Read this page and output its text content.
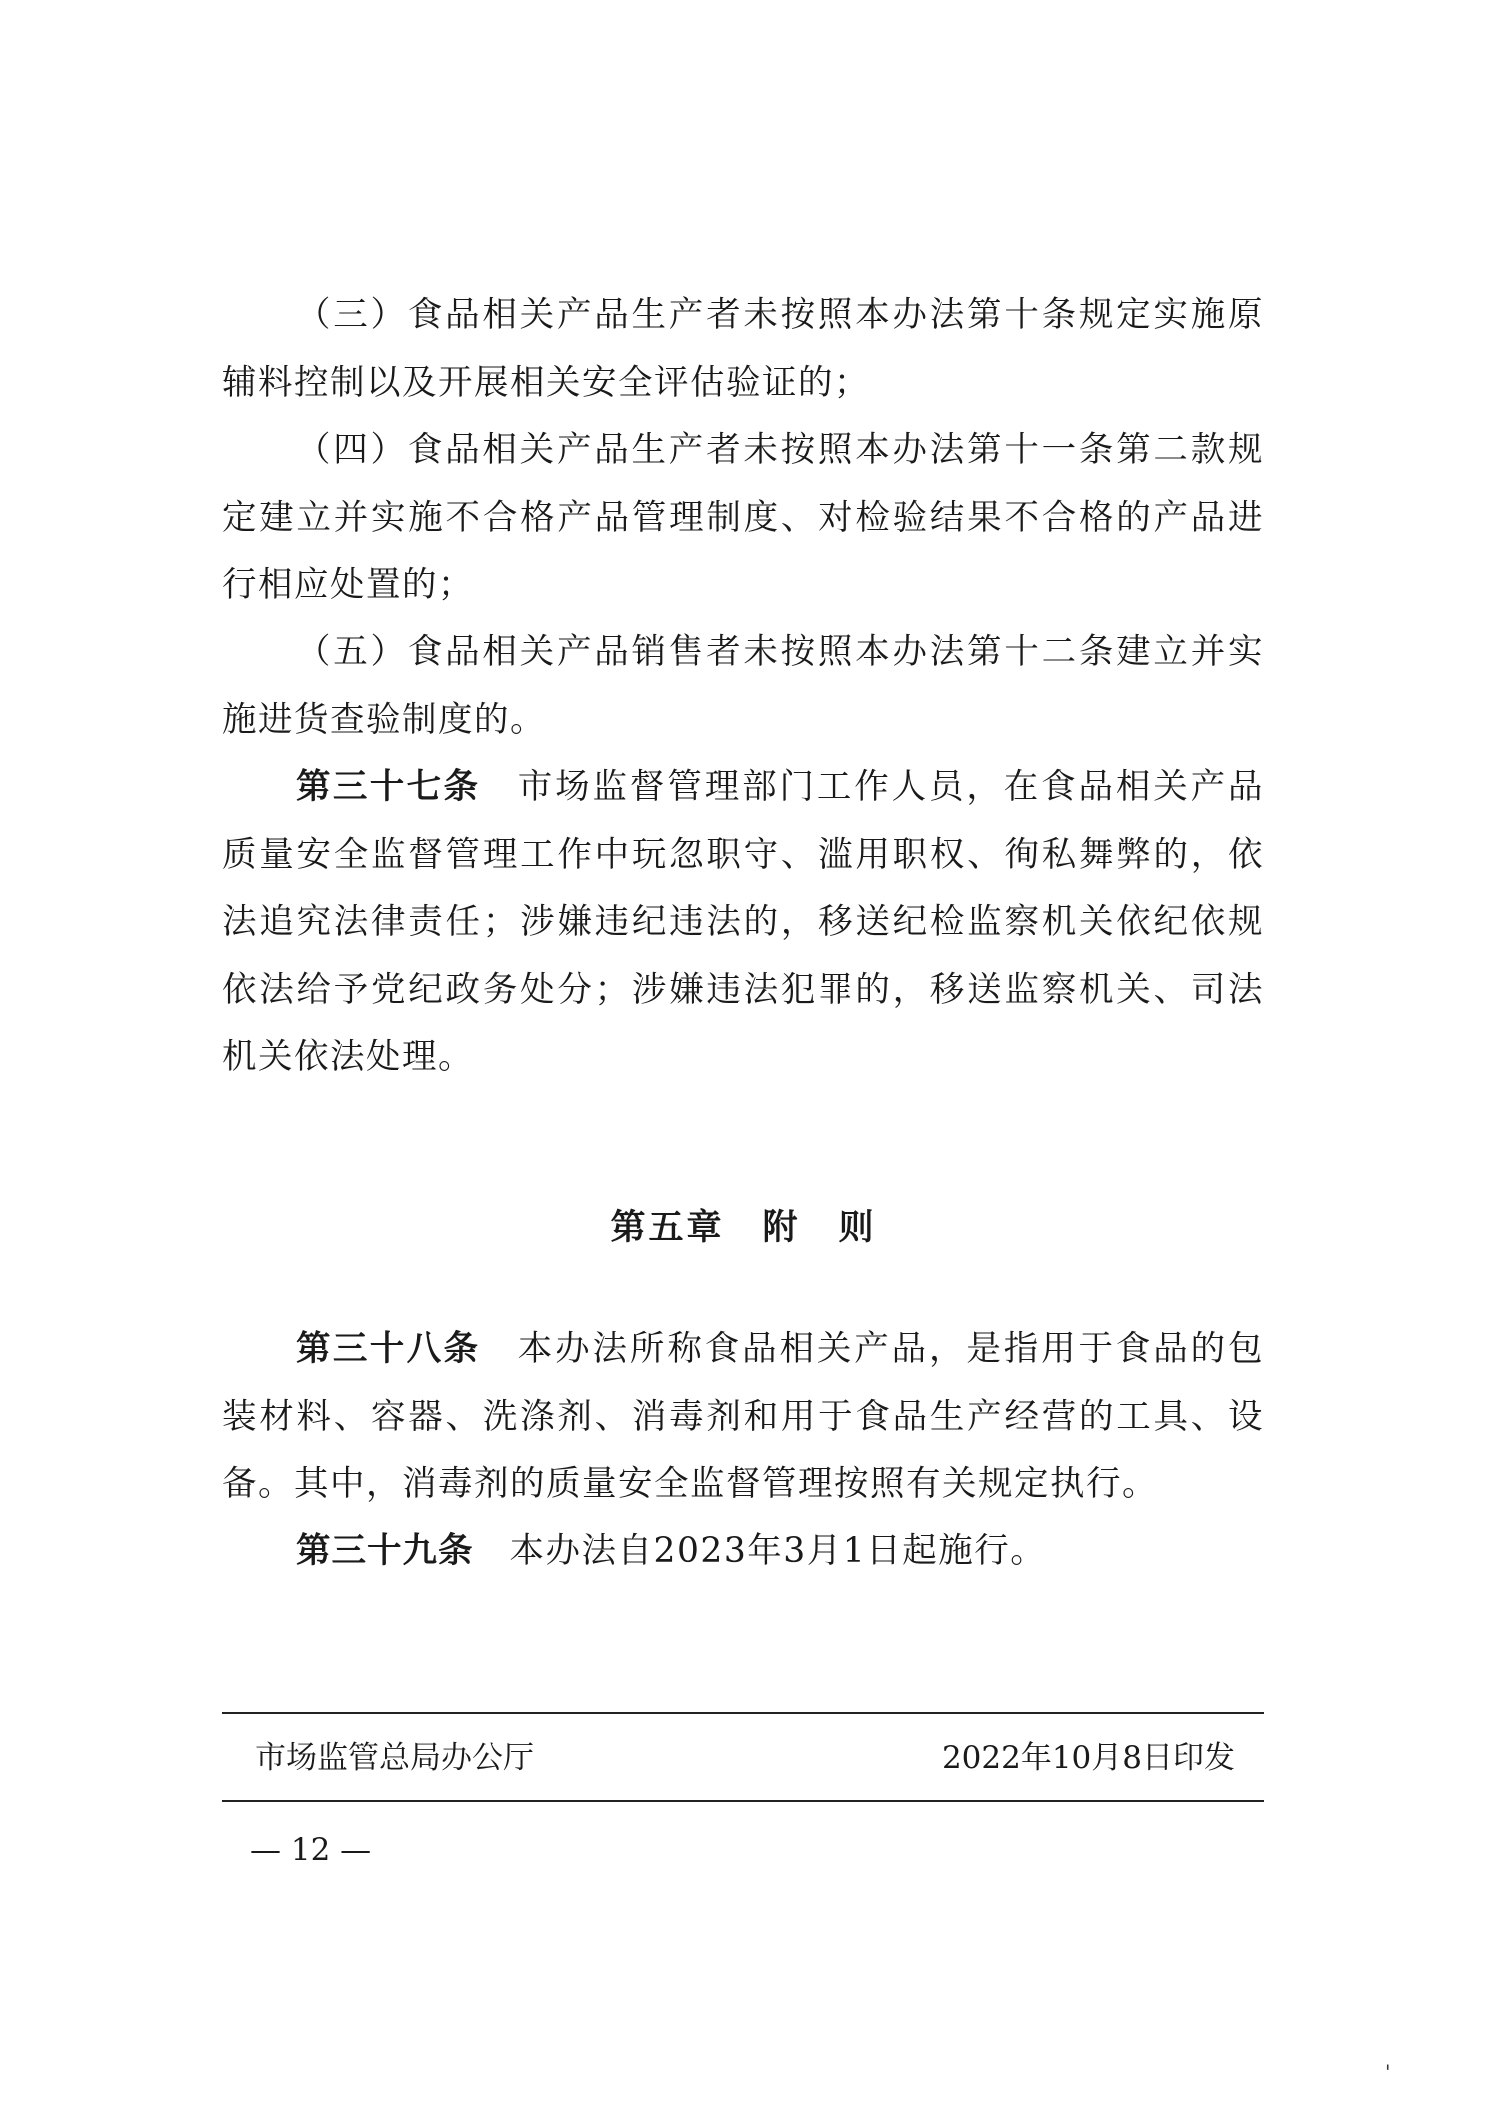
（三）食品相关产品生产者未按照本办法第十条规定实施原辅料控制以及开展相关安全评估验证的；
（四）食品相关产品生产者未按照本办法第十一条第二款规定建立并实施不合格产品管理制度、对检验结果不合格的产品进行相应处置的；
（五）食品相关产品销售者未按照本办法第十二条建立并实施进货查验制度的。
第三十七条　 市场监督管理部门工作人员，在食品相关产品质量安全监督管理工作中玩忽职守、滥用职权、徇私舞弊的，依法追究法律责任；涉嫌违纪违法的，移送纪检监察机关依纪依规依法给予党纪政务处分；涉嫌违法犯罪的，移送监察机关、司法机关依法处理。
第五章　附　则
第三十八条　 本办法所称食品相关产品，是指用于食品的包装材料、容器、洗涤剂、消毒剂和用于食品生产经营的工具、设备。其中，消毒剂的质量安全监督管理按照有关规定执行。
第三十九条　 本办法自2023年3月1日起施行。
市场监管总局办公厅	2022年10月8日印发
— 12 —
'
